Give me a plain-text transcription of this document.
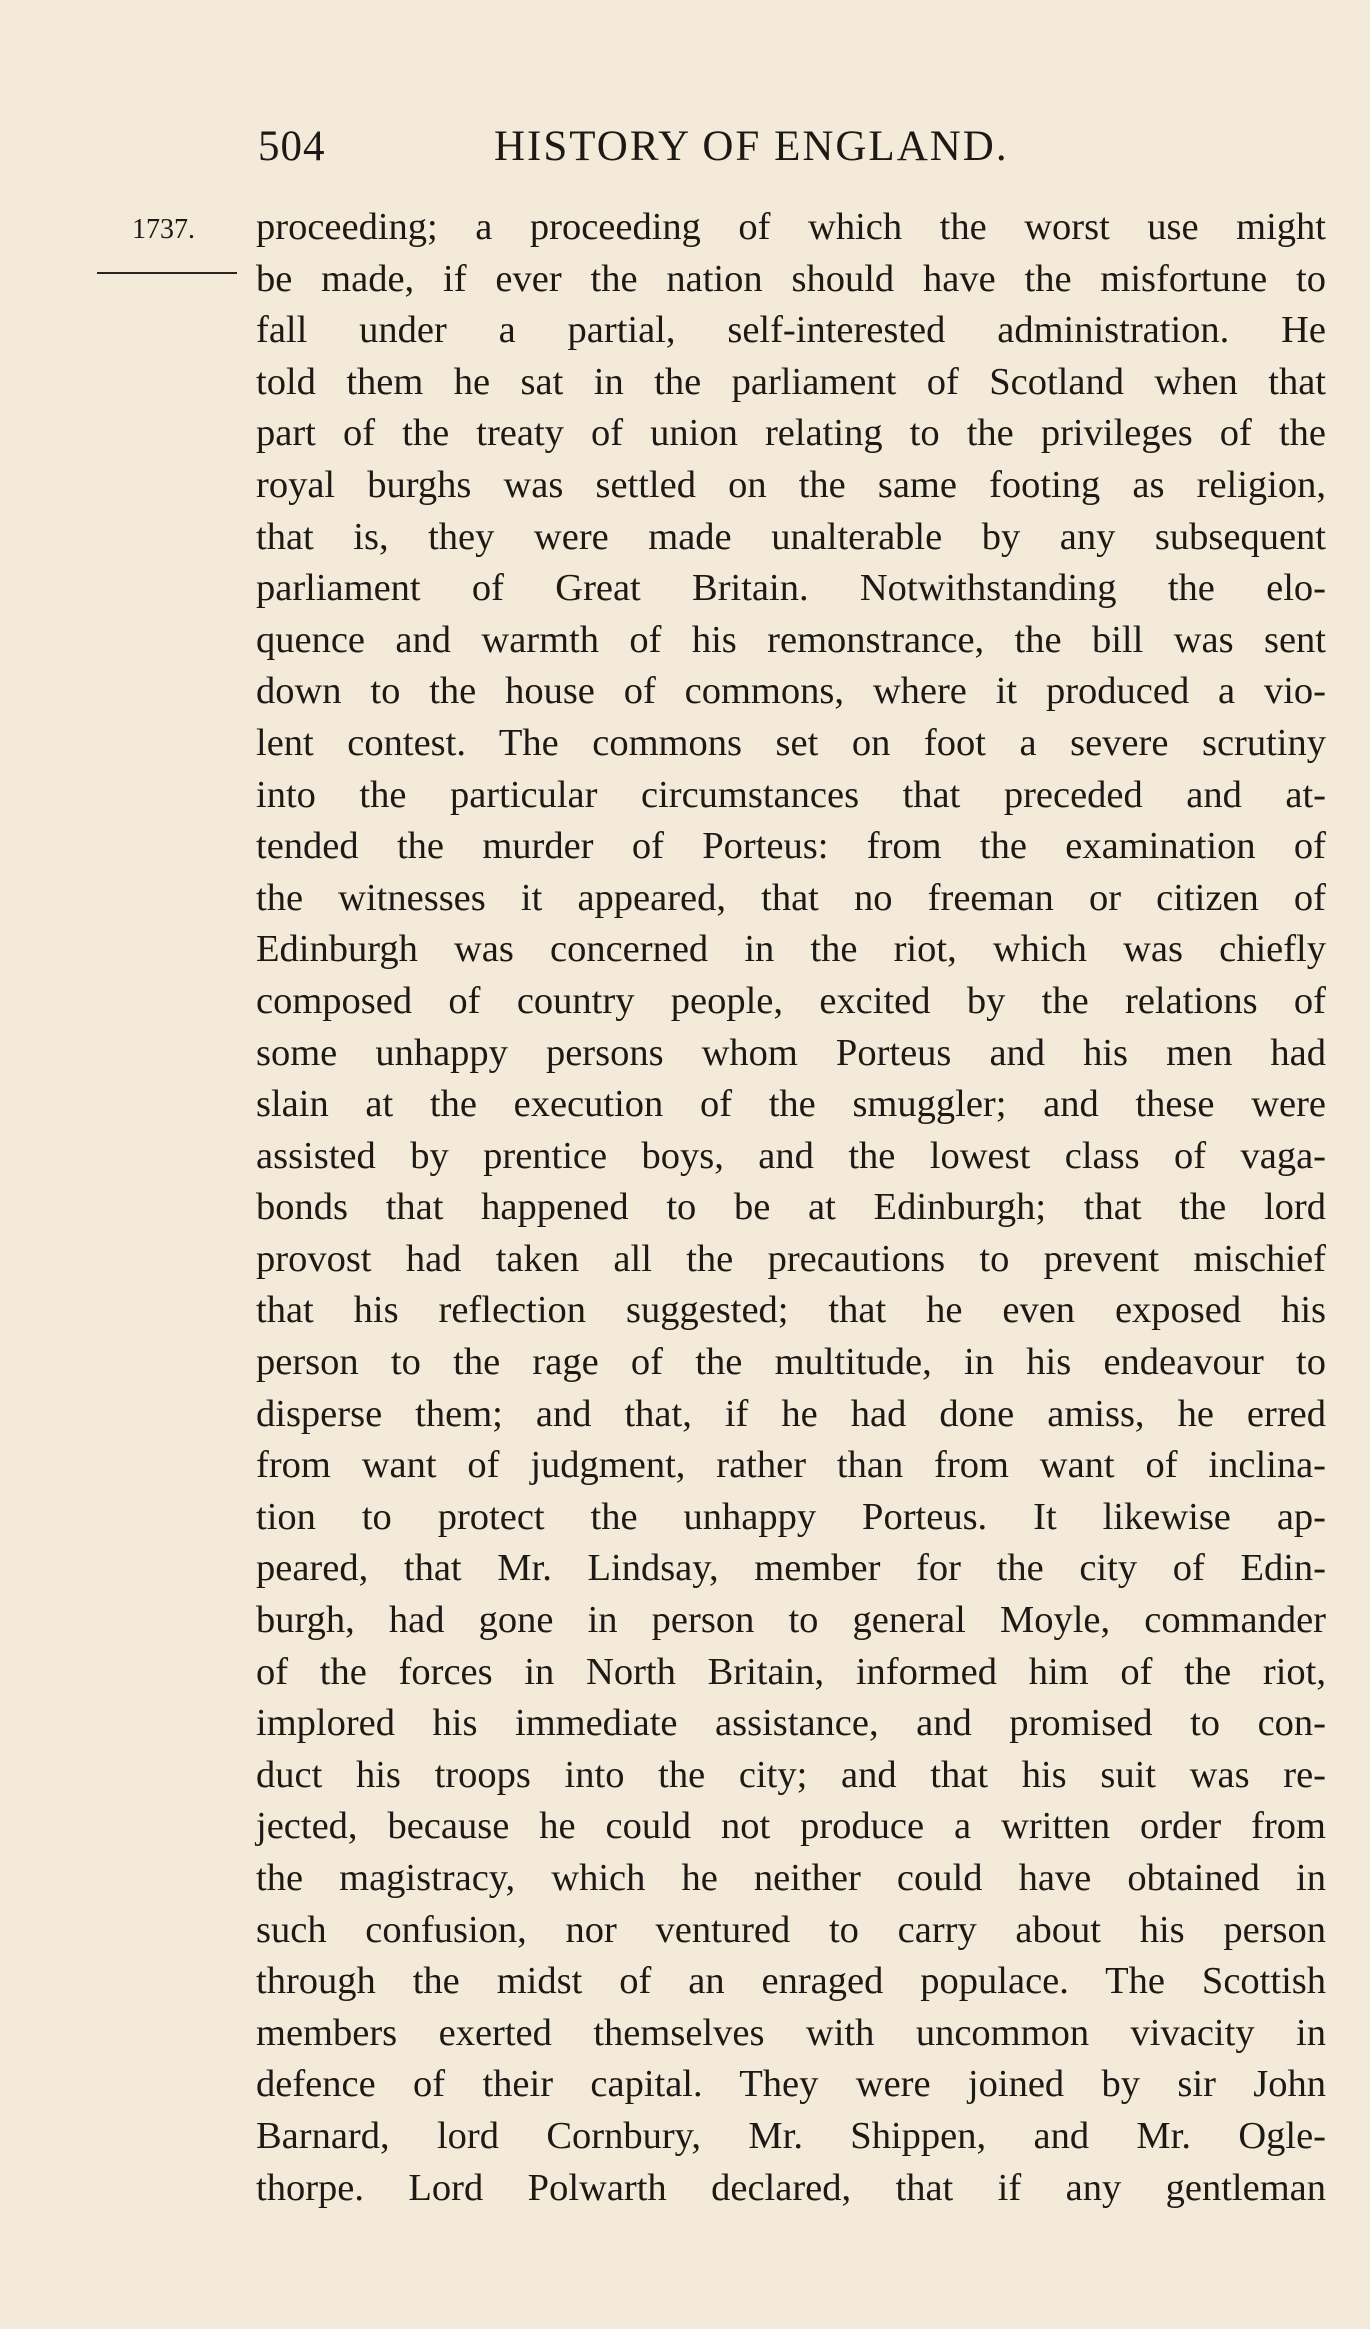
504	HISTORY OF ENGLAND.
1737. proceeding; a proceeding of which the worst use might
be made, if ever the nation should have the misfortune to
fall under a partial, self-interested administration. He
told them he sat in the parliament of Scotland when that
part of the treaty of union relating to the privileges of the
royal burghs was settled on the same footing as religion,
that is, they were made unalterable by any subsequent
parliament of Great Britain. Notwithstanding the elo-
quence and warmth of his remonstrance, the bill was sent
down to the house of commons, where it produced a vio-
lent contest. The commons set on foot a severe scrutiny
into the particular circumstances that preceded and at-
tended the murder of Porteus: from the examination of
the witnesses it appeared, that no freeman or citizen of
Edinburgh was concerned in the riot, which was chiefly
composed of country people, excited by the relations of
some unhappy persons whom Porteus and his men had
slain at the execution of the smuggler; and these were
assisted by prentice boys, and the lowest class of vaga-
bonds that happened to be at Edinburgh; that the lord
provost had taken all the precautions to prevent mischief
that his reflection suggested; that he even exposed his
person to the rage of the multitude, in his endeavour to
disperse them; and that, if he had done amiss, he erred
from want of judgment, rather than from want of inclina-
tion to protect the unhappy Porteus. It likewise ap-
peared, that Mr. Lindsay, member for the city of Edin-
burgh, had gone in person to general Moyle, commander
of the forces in North Britain, informed him of the riot,
implored his immediate assistance, and promised to con-
duct his troops into the city; and that his suit was re-
jected, because he could not produce a written order from
the magistracy, which he neither could have obtained in
such confusion, nor ventured to carry about his person
through the midst of an enraged populace. The Scottish
members exerted themselves with uncommon vivacity in
defence of their capital. They were joined by sir John
Barnard, lord Cornbury, Mr. Shippen, and Mr. Ogle-
thorpe. Lord Polwarth declared, that if any gentleman
